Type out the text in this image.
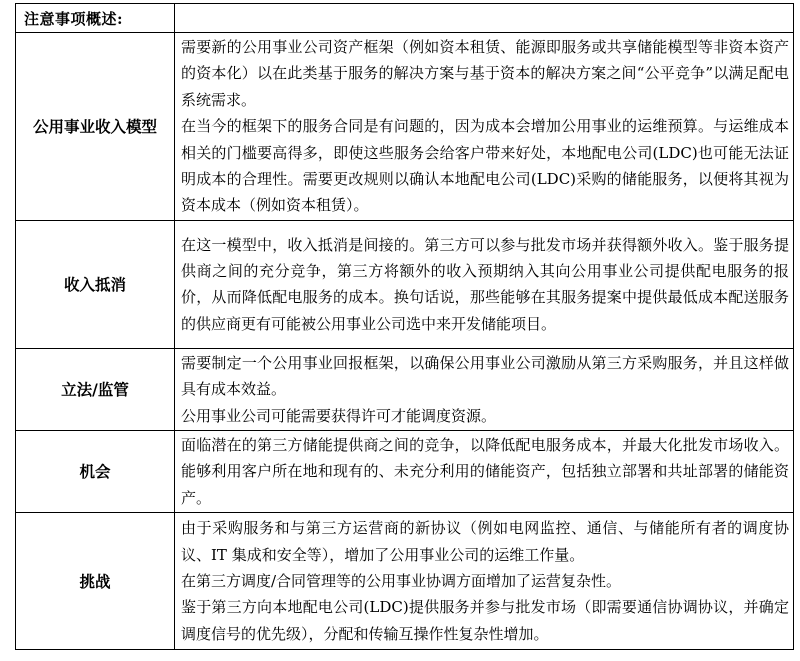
注意事项概述:	
公用事业收入模型	需要新的公用事业公司资产框架（例如资本租赁、能源即服务或共享储能模型等非资本资产的资本化）以在此类基于服务的解决方案与基于资本的解决方案之间“公平竞争”以满足配电系统需求。

在当今的框架下的服务合同是有问题的，因为成本会增加公用事业的运维预算。与运维成本相关的门槛要高得多，即使这些服务会给客户带来好处，本地配电公司(LDC)也可能无法证明成本的合理性。需要更改规则以确认本地配电公司(LDC)采购的储能服务，以便将其视为资本成本（例如资本租赁）。

收入抵消	在这一模型中，收入抵消是间接的。第三方可以参与批发市场并获得额外收入。鉴于服务提供商之间的充分竞争，第三方将额外的收入预期纳入其向公用事业公司提供配电服务的报价，从而降低配电服务的成本。换句话说，那些能够在其服务提案中提供最低成本配送服务的供应商更有可能被公用事业公司选中来开发储能项目。

立法/监管	需要制定一个公用事业回报框架，以确保公用事业公司激励从第三方采购服务，并且这样做具有成本效益。

公用事业公司可能需要获得许可才能调度资源。

机会	面临潜在的第三方储能提供商之间的竞争，以降低配电服务成本，并最大化批发市场收入。能够利用客户所在地和现有的、未充分利用的储能资产，包括独立部署和共址部署的储能资产。

挑战	由于采购服务和与第三方运营商的新协议（例如电网监控、通信、与储能所有者的调度协议、IT 集成和安全等），增加了公用事业公司的运维工作量。

在第三方调度/合同管理等的公用事业协调方面增加了运营复杂性。

鉴于第三方向本地配电公司(LDC)提供服务并参与批发市场（即需要通信协调协议，并确定调度信号的优先级），分配和传输互操作性复杂性增加。
